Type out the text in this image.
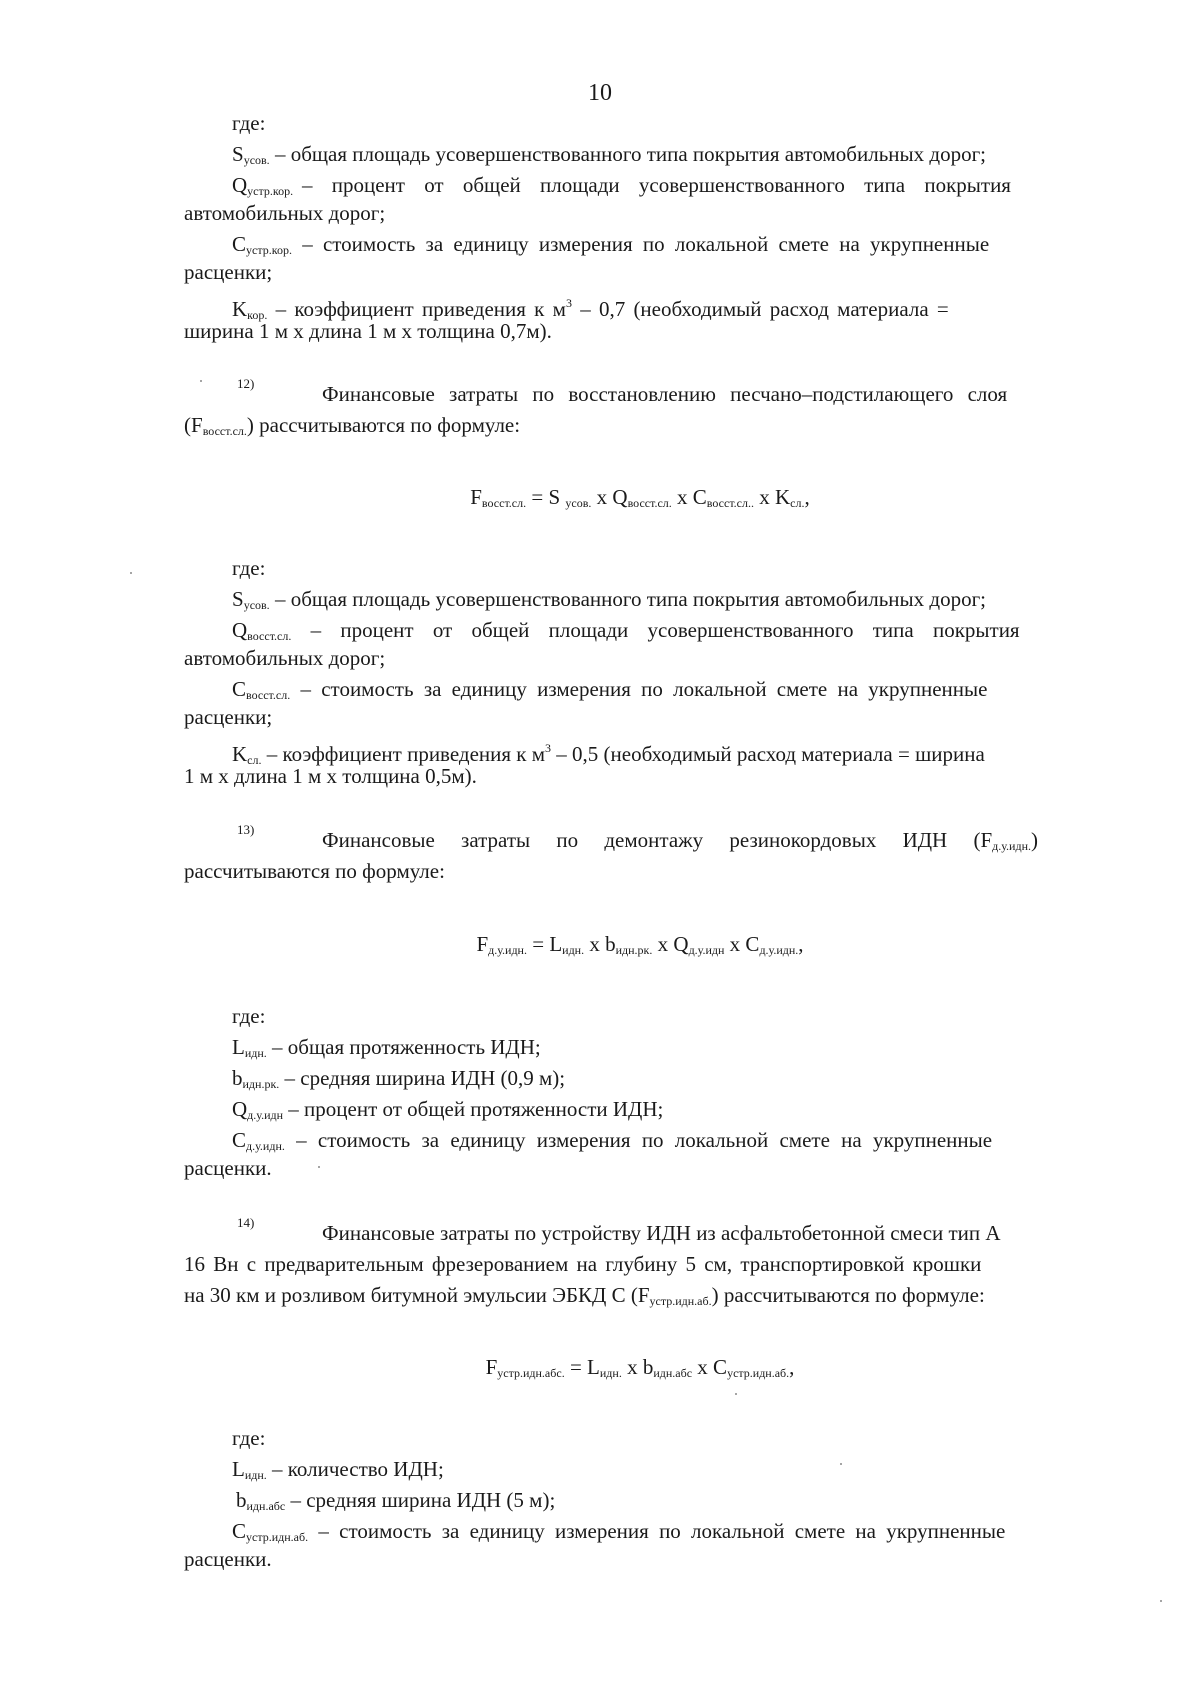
10
где:
$S_{усов.}$ – общая площадь усовершенствованного типа покрытия автомобильных дорог;
$Q_{устр.кор.}$ – процент от общей площади усовершенствованного типа покрытия
автомобильных дорог;
$C_{устр.кор.}$ – стоимость за единицу измерения по локальной смете на укрупненные
расценки;
$K_{кор.}$ – коэффициент приведения к $м^3 - 0,7$ (необходимый расход материала =
ширина 1 м х длина 1 м х толщина 0,7м).
12)	Финансовые затраты по восстановлению песчано–подстилающего слоя
$(F_{восст.сл.})$ рассчитываются по формуле:
$F_{восст.сл.} = S$ $_{усов.}$ x $Q_{восст.сл.}$ x $C_{восст.сл..}$ x $K_{сл.}$,
где:
$S_{усов.}$ – общая площадь усовершенствованного типа покрытия автомобильных дорог;
$Q_{восст.сл.}$ – процент от общей площади усовершенствованного типа покрытия
автомобильных дорог;
$C_{восст.сл.}$ – стоимость за единицу измерения по локальной смете на укрупненные
расценки;
$K_{сл.}$ – коэффициент приведения к $м^3 - 0,5$ (необходимый расход материала = ширина
1 м х длина 1 м х толщина 0,5м).
13)	Финансовые затраты по демонтажу резинокордовых ИДН $(F_{д.у.идн.})$
рассчитываются по формуле:
$F_{д.у.идн.} = L_{идн.}$ x $b_{идн.рк.}$ x $Q_{д.у.идн}$ x $C_{д.у.идн.}$,
где:
$L_{идн.}$ – общая протяженность ИДН;
$b_{идн.рк.}$ – средняя ширина ИДН (0,9 м);
$Q_{д.у.идн}$ – процент от общей протяженности ИДН;
$C_{д.у.идн.}$ – стоимость за единицу измерения по локальной смете на укрупненные
расценки.
14)	Финансовые затраты по устройству ИДН из асфальтобетонной смеси тип А
16 Вн с предварительным фрезерованием на глубину 5 см, транспортировкой крошки
на 30 км и розливом битумной эмульсии ЭБКД С $(F_{устр.идн.аб.})$ рассчитываются по формуле:
$F_{устр.идн.абс.} = L_{идн.}$ x $b_{идн.абс}$ x $C_{устр.идн.аб.}$,
где:
$L_{идн.}$ – количество ИДН;
$b_{идн.абс}$ – средняя ширина ИДН (5 м);
$C_{устр.идн.аб.}$ – стоимость за единицу измерения по локальной смете на укрупненные
расценки.
